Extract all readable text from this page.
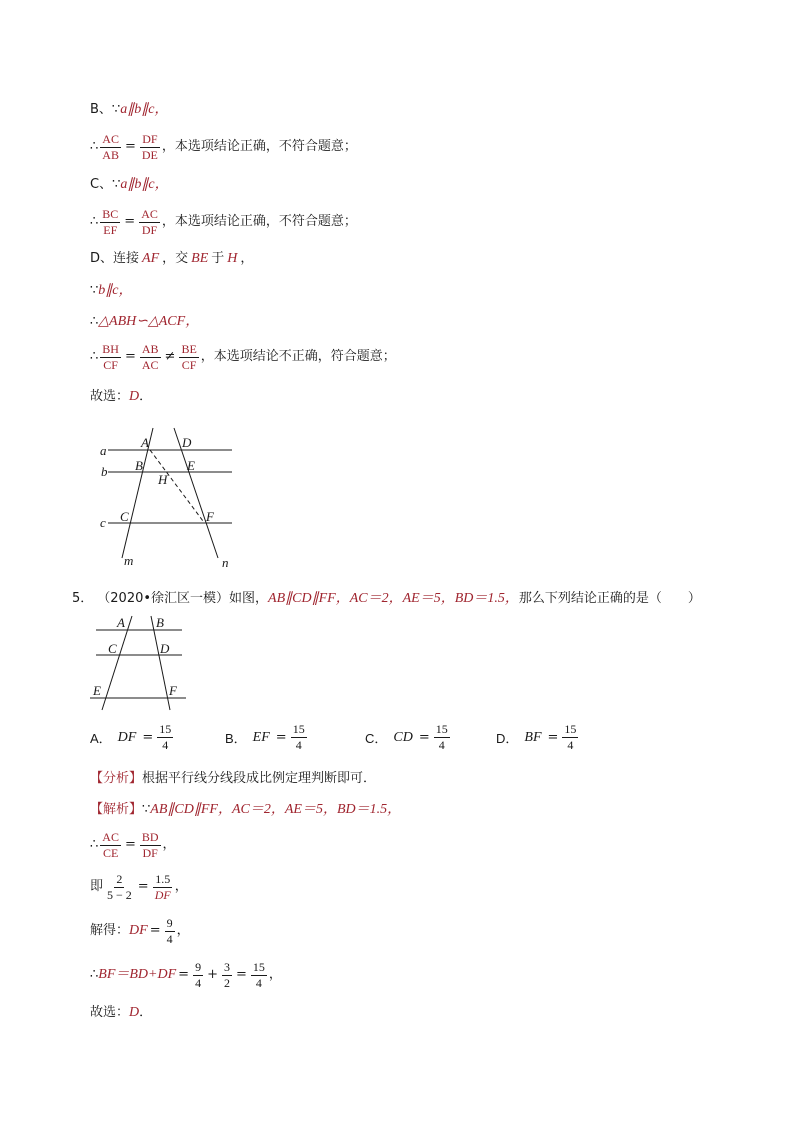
B、∵ a∥b∥c，
∴ $\frac{AC}{AB} = \frac{DF}{DE}$ ，本选项结论正确，不符合题意；
C、∵ a∥b∥c，
∴ $\frac{BC}{EF} = \frac{AC}{DF}$ ，本选项结论正确，不符合题意；
D、连接 AF ，交 BE 于 H ，
∵ b∥c，
∴ △ABH∽△ACF，
∴ $\frac{BH}{CF} = \frac{AB}{AC} \ne \frac{BE}{CF}$ ，本选项结论不正确，符合题意；
故选： D ．
a
b
c
A	D
B	E
H
C	F
m	n
5． （2020•徐汇区一模）如图， AB∥CD∥FF，AC＝2，AE＝5，BD＝1.5， 那么下列结论正确的是（　　）
A B
C	D
E	F
A． DF = $\frac{15}{4}$	B． EF = $\frac{15}{4}$	C． CD = $\frac{15}{4}$	D． BF = $\frac{15}{4}$
【分析】 根据平行线分线段成比例定理判断即可．
【解析】 ∵ AB∥CD∥FF，AC＝2，AE＝5，BD＝1.5，
∴ $\frac{AC}{CE} = \frac{BD}{DF}$ ，
即 $\frac{2}{5 - 2} = \frac{1.5}{DF}$ ，
解得： DF = $\frac{9}{4}$ ，
∴ $BF=BD+DF = \frac{9}{4} + \frac{3}{2} = \frac{15}{4}$ ，
故选： D ．
